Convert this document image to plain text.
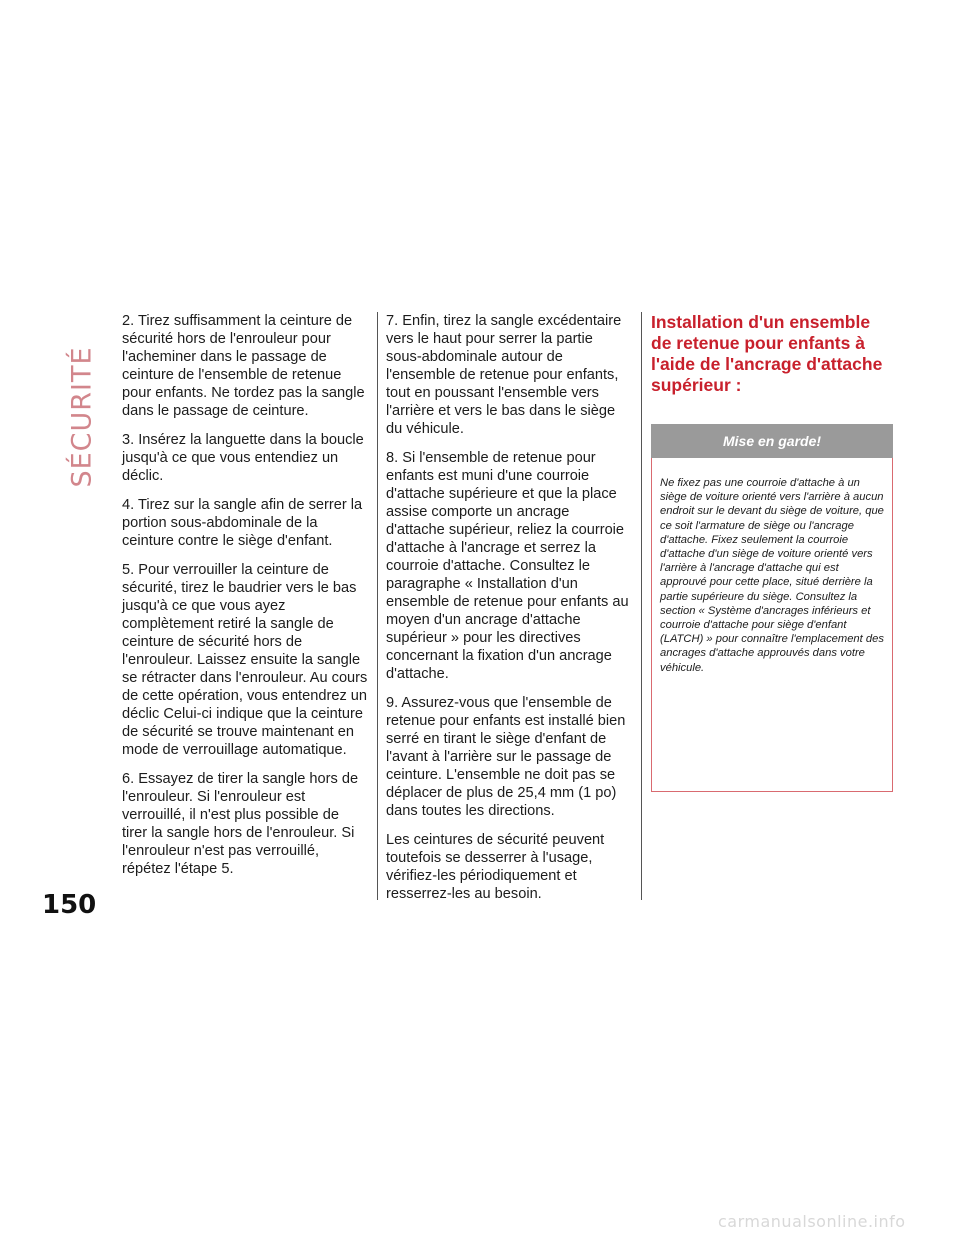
SÉCURITÉ
150

2. Tirez suffisamment la ceinture de sécurité hors de l'enrouleur pour l'acheminer dans le passage de ceinture de l'ensemble de retenue pour enfants. Ne tordez pas la sangle dans le passage de ceinture.

3. Insérez la languette dans la boucle jusqu'à ce que vous entendiez un déclic.

4. Tirez sur la sangle afin de serrer la portion sous-abdominale de la ceinture contre le siège d'enfant.

5. Pour verrouiller la ceinture de sécurité, tirez le baudrier vers le bas jusqu'à ce que vous ayez complètement retiré la sangle de ceinture de sécurité hors de l'enrouleur. Laissez ensuite la sangle se rétracter dans l'enrouleur. Au cours de cette opération, vous entendrez un déclic Celui-ci indique que la ceinture de sécurité se trouve maintenant en mode de verrouillage automatique.

6. Essayez de tirer la sangle hors de l'enrouleur. Si l'enrouleur est verrouillé, il n'est plus possible de tirer la sangle hors de l'enrouleur. Si l'enrouleur n'est pas verrouillé, répétez l'étape 5.

7. Enfin, tirez la sangle excédentaire vers le haut pour serrer la partie sous-abdominale autour de l'ensemble de retenue pour enfants, tout en poussant l'ensemble vers l'arrière et vers le bas dans le siège du véhicule.

8. Si l'ensemble de retenue pour enfants est muni d'une courroie d'attache supérieure et que la place assise comporte un ancrage d'attache supérieur, reliez la courroie d'attache à l'ancrage et serrez la courroie d'attache. Consultez le paragraphe « Installation d'un ensemble de retenue pour enfants au moyen d'un ancrage d'attache supérieur » pour les directives concernant la fixation d'un ancrage d'attache.

9. Assurez-vous que l'ensemble de retenue pour enfants est installé bien serré en tirant le siège d'enfant de l'avant à l'arrière sur le passage de ceinture. L'ensemble ne doit pas se déplacer de plus de 25,4 mm (1 po) dans toutes les directions.

Les ceintures de sécurité peuvent toutefois se desserrer à l'usage, vérifiez-les périodiquement et resserrez-les au besoin.

Installation d'un ensemble de retenue pour enfants à l'aide de l'ancrage d'attache supérieur :
Mise en garde!
Ne fixez pas une courroie d'attache à un siège de voiture orienté vers l'arrière à aucun endroit sur le devant du siège de voiture, que ce soit l'armature de siège ou l'ancrage d'attache. Fixez seulement la courroie d'attache d'un siège de voiture orienté vers l'arrière à l'ancrage d'attache qui est approuvé pour cette place, situé derrière la partie supérieure du siège. Consultez la section « Système d'ancrages inférieurs et courroie d'attache pour siège d'enfant (LATCH) » pour connaître l'emplacement des ancrages d'attache approuvés dans votre véhicule.
carmanualsonline.info
